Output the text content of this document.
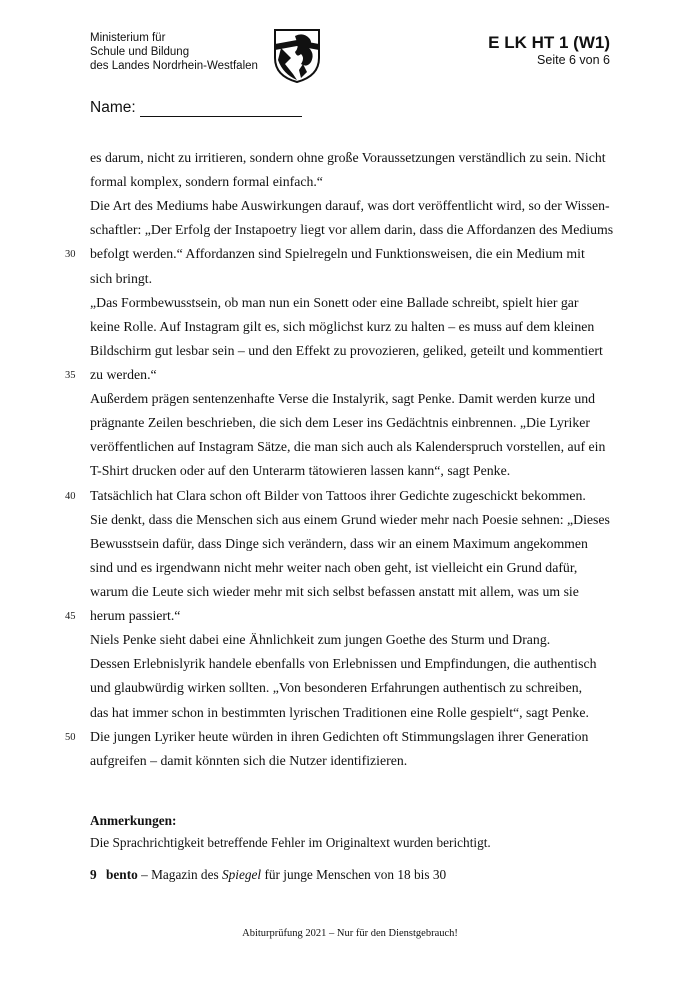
Ministerium für
Schule und Bildung
des Landes Nordrhein-Westfalen
E LK HT 1 (W1)
Seite 6 von 6
Name:
es darum, nicht zu irritieren, sondern ohne große Voraussetzungen verständlich zu sein. Nicht
formal komplex, sondern formal einfach.“
Die Art des Mediums habe Auswirkungen darauf, was dort veröffentlicht wird, so der Wissen-
schaftler: „Der Erfolg der Instapoetry liegt vor allem darin, dass die Affordanzen des Mediums
30 befolgt werden.“ Affordanzen sind Spielregeln und Funktionsweisen, die ein Medium mit
sich bringt.
„Das Formbewusstsein, ob man nun ein Sonett oder eine Ballade schreibt, spielt hier gar
keine Rolle. Auf Instagram gilt es, sich möglichst kurz zu halten – es muss auf dem kleinen
Bildschirm gut lesbar sein – und den Effekt zu provozieren, geliked, geteilt und kommentiert
35 zu werden.“
Außerdem prägen sentenzenhafte Verse die Instalyrik, sagt Penke. Damit werden kurze und
prägnante Zeilen beschrieben, die sich dem Leser ins Gedächtnis einbrennen. „Die Lyriker
veröffentlichen auf Instagram Sätze, die man sich auch als Kalenderspruch vorstellen, auf ein
T-Shirt drucken oder auf den Unterarm tätowieren lassen kann“, sagt Penke.
40 Tatsächlich hat Clara schon oft Bilder von Tattoos ihrer Gedichte zugeschickt bekommen.
Sie denkt, dass die Menschen sich aus einem Grund wieder mehr nach Poesie sehnen: „Dieses
Bewusstsein dafür, dass Dinge sich verändern, dass wir an einem Maximum angekommen
sind und es irgendwann nicht mehr weiter nach oben geht, ist vielleicht ein Grund dafür,
warum die Leute sich wieder mehr mit sich selbst befassen anstatt mit allem, was um sie
45 herum passiert.“
Niels Penke sieht dabei eine Ähnlichkeit zum jungen Goethe des Sturm und Drang.
Dessen Erlebnislyrik handele ebenfalls von Erlebnissen und Empfindungen, die authentisch
und glaubwürdig wirken sollten. „Von besonderen Erfahrungen authentisch zu schreiben,
das hat immer schon in bestimmten lyrischen Traditionen eine Rolle gespielt“, sagt Penke.
50 Die jungen Lyriker heute würden in ihren Gedichten oft Stimmungslagen ihrer Generation
aufgreifen – damit könnten sich die Nutzer identifizieren.
Anmerkungen:
Die Sprachrichtigkeit betreffende Fehler im Originaltext wurden berichtigt.
9 bento – Magazin des Spiegel für junge Menschen von 18 bis 30
Abiturprüfung 2021 – Nur für den Dienstgebrauch!
